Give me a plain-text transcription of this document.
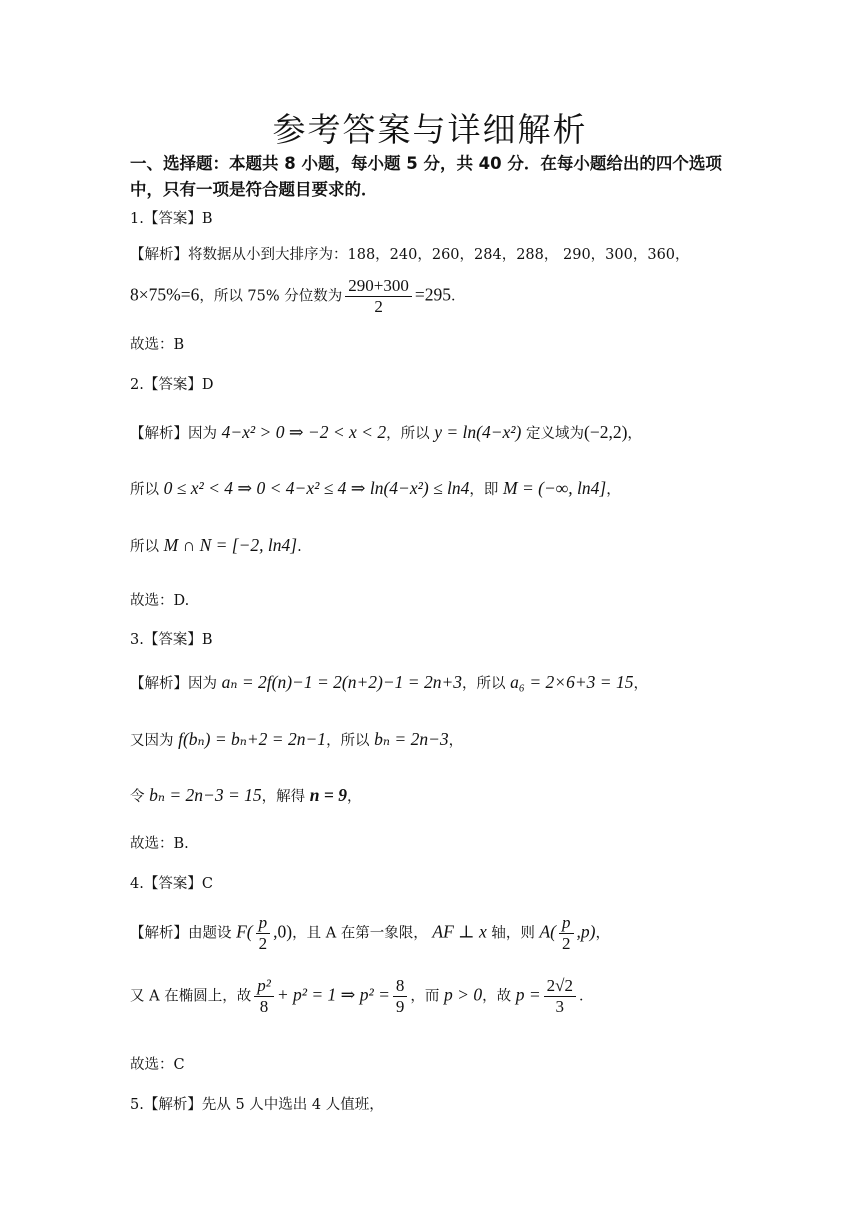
参考答案与详细解析
一、选择题：本题共 8 小题，每小题 5 分，共 40 分．在每小题给出的四个选项中，只有一项是符合题目要求的．
1.【答案】B
【解析】将数据从小到大排序为：188，240，260，284，288， 290，300，360，
8×75%=6，所以 75% 分位数为 $\frac{290+300}{2} =295$．
故选：B
2.【答案】D
【解析】因为 4−x² > 0 ⇒ −2 < x < 2，所以 y = ln(4−x²) 定义域为(−2,2)，
所以 0 ≤ x² < 4 ⇒ 0 < 4−x² ≤ 4 ⇒ ln(4−x²) ≤ ln4，即 M = (−∞, ln4]，
所以 M ∩ N = [−2, ln4].
故选：D.
3.【答案】B
【解析】因为 aₙ = 2f(n)−1 = 2(n+2)−1 = 2n+3，所以 a₆ = 2×6+3 = 15，
又因为 f(bₙ) = bₙ+2 = 2n−1，所以 bₙ = 2n−3，
令 bₙ = 2n−3 = 15，解得 n = 9，
故选：B.
4.【答案】C
【解析】由题设 $F( \frac{p}{2} ,0)$，且 A 在第一象限， AF ⊥ x 轴，则 $A( \frac{p}{2} ,p)$，
又 A 在椭圆上，故 $\frac{\text{p²}}{8} + p^2 = 1$ ⇒ $p^2 = \frac{8}{9}$ ，而 p > 0，故 $p = \frac{2√2}{3}$ ．
故选：C
5.【解析】先从 5 人中选出 4 人值班，
